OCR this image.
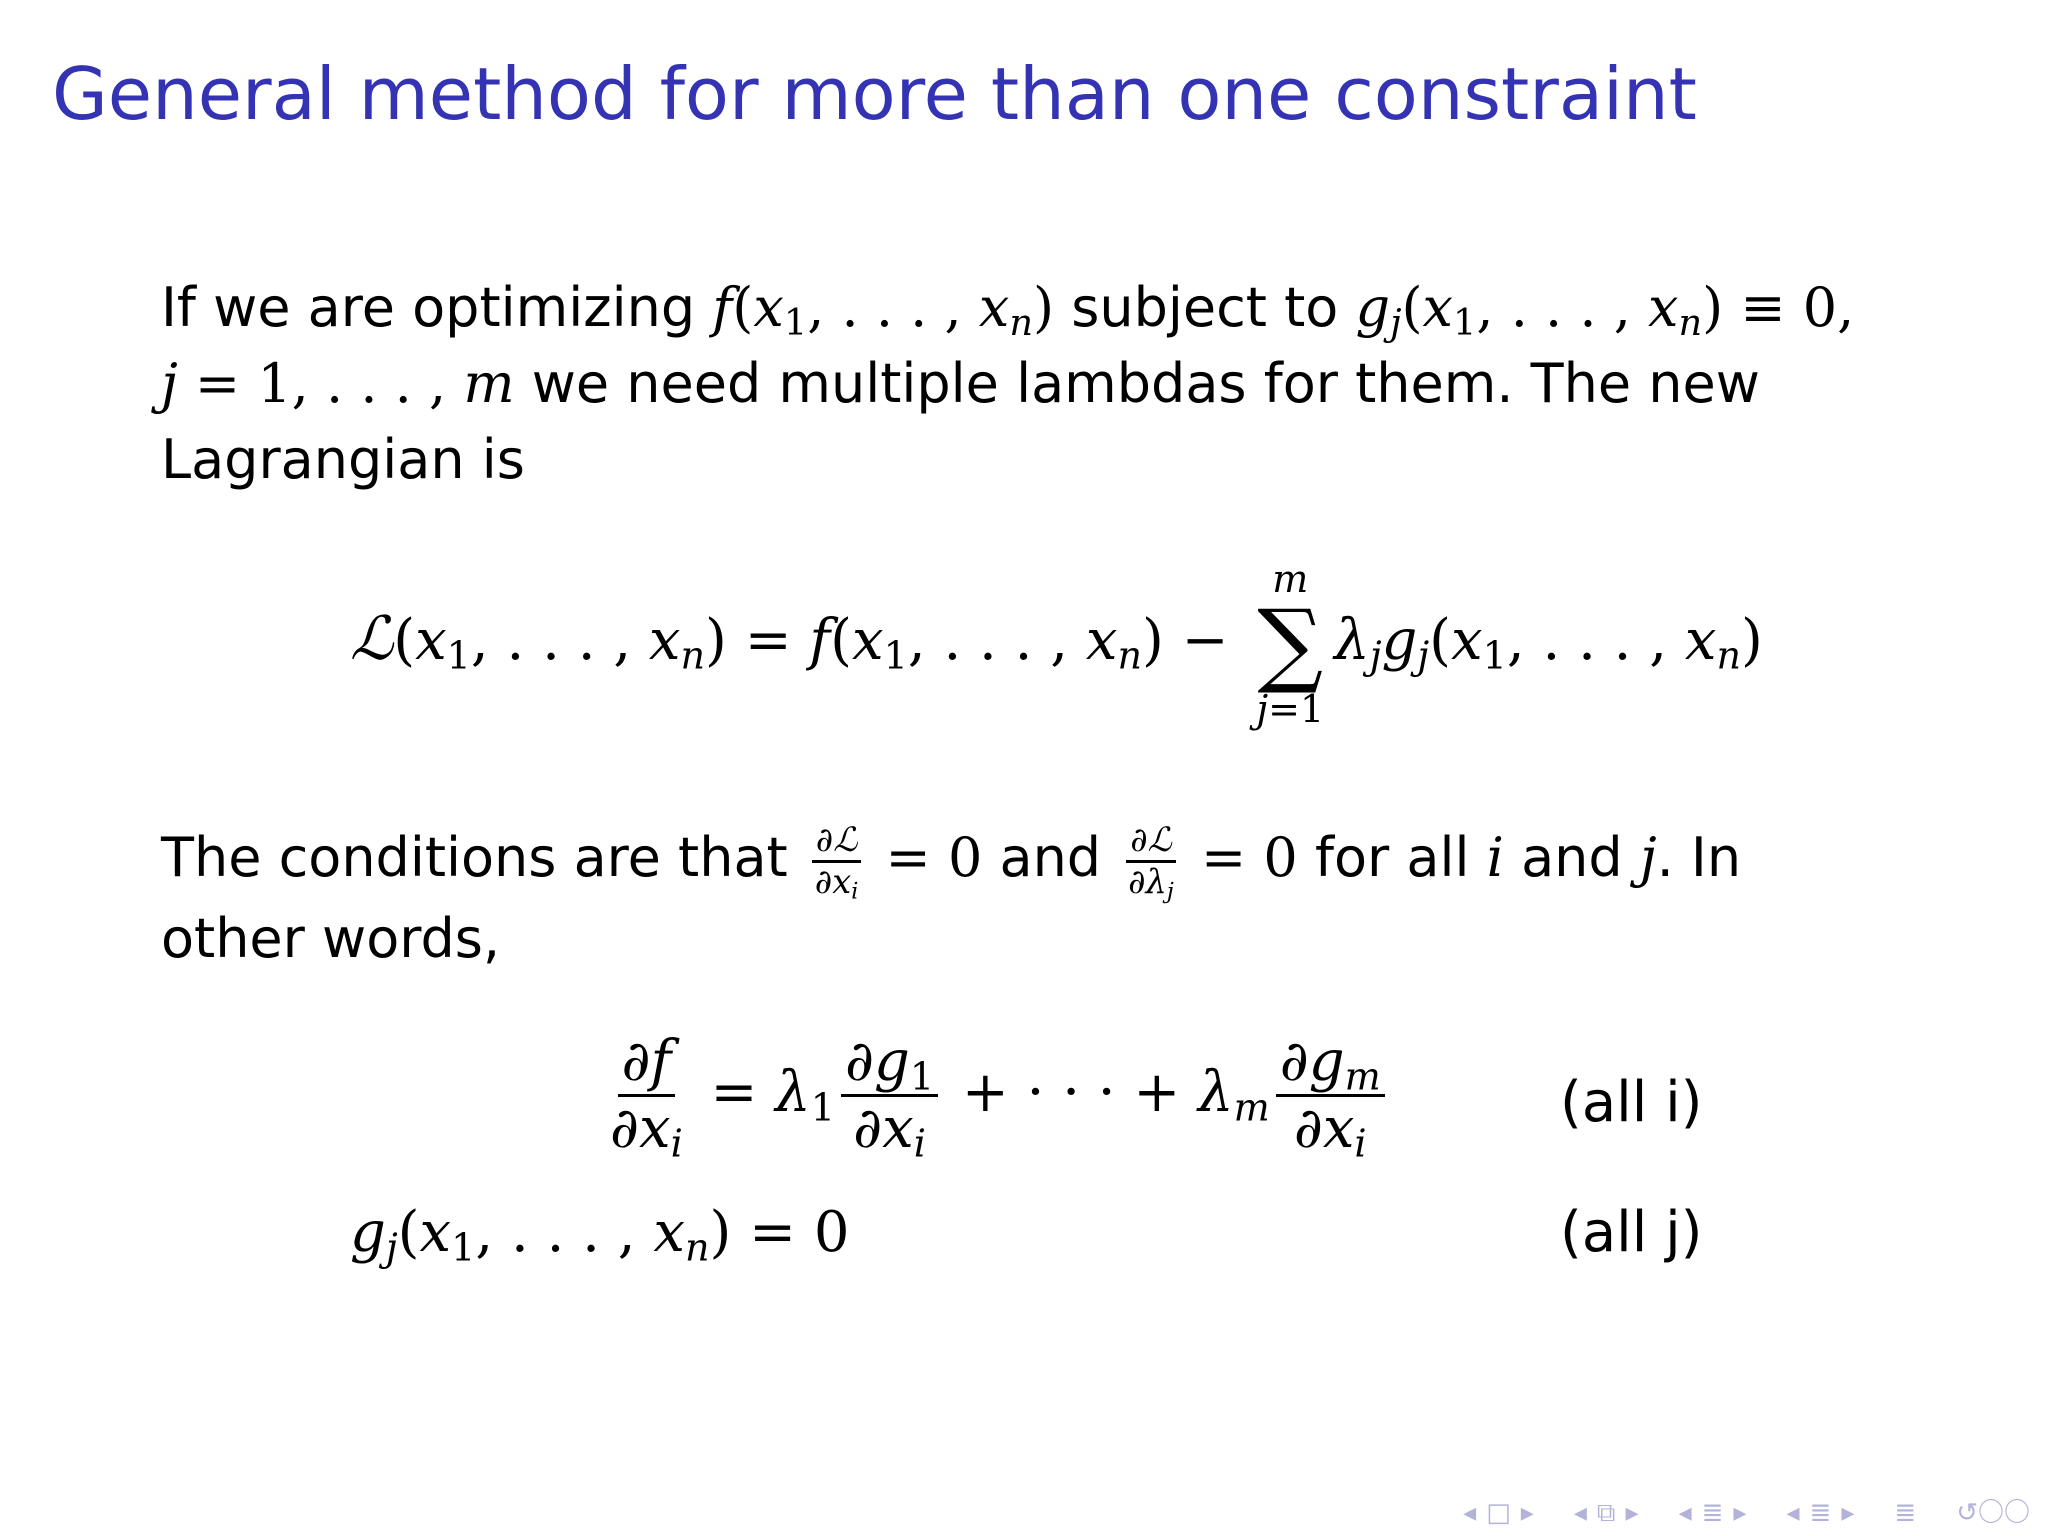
General method for more than one constraint
If we are optimizing $f(x_1$, . . . , $x_n$) subject to $g_j(x_1$, . . . , $x_n) \equiv 0$,
j = 1, . . . , m we need multiple lambdas for them. The new
Lagrangian is
$ℒ(x_1$, . . . , $x_n) = f(x_1$, . . . , $x_n$) −
m
∑
j=1
$\lambda_jg_j(x_1$, . . . , $x_n$)
The conditions are that $\frac{\text{∂ℒ}}{\partial x_i} = 0$ and $\frac{\text{∂ℒ}}{\partial\lambda_j} = 0$ for all i and j. In
other words,
$\frac{\partial f}{\partial x_i} = \lambda_1 \frac{\partial g_1}{\partial x_i}$ + · · · + $\lambda_m \frac{\partial g_m}{\partial x_i}$	(all i)
$g_j(x_1$, . . . , $x_n) = 0$	(all j)
◂ □ ▸ ◂ ⧉ ▸ ◂ ≣ ▸ ◂ ≣ ▸ ≣ ↺〇〇
